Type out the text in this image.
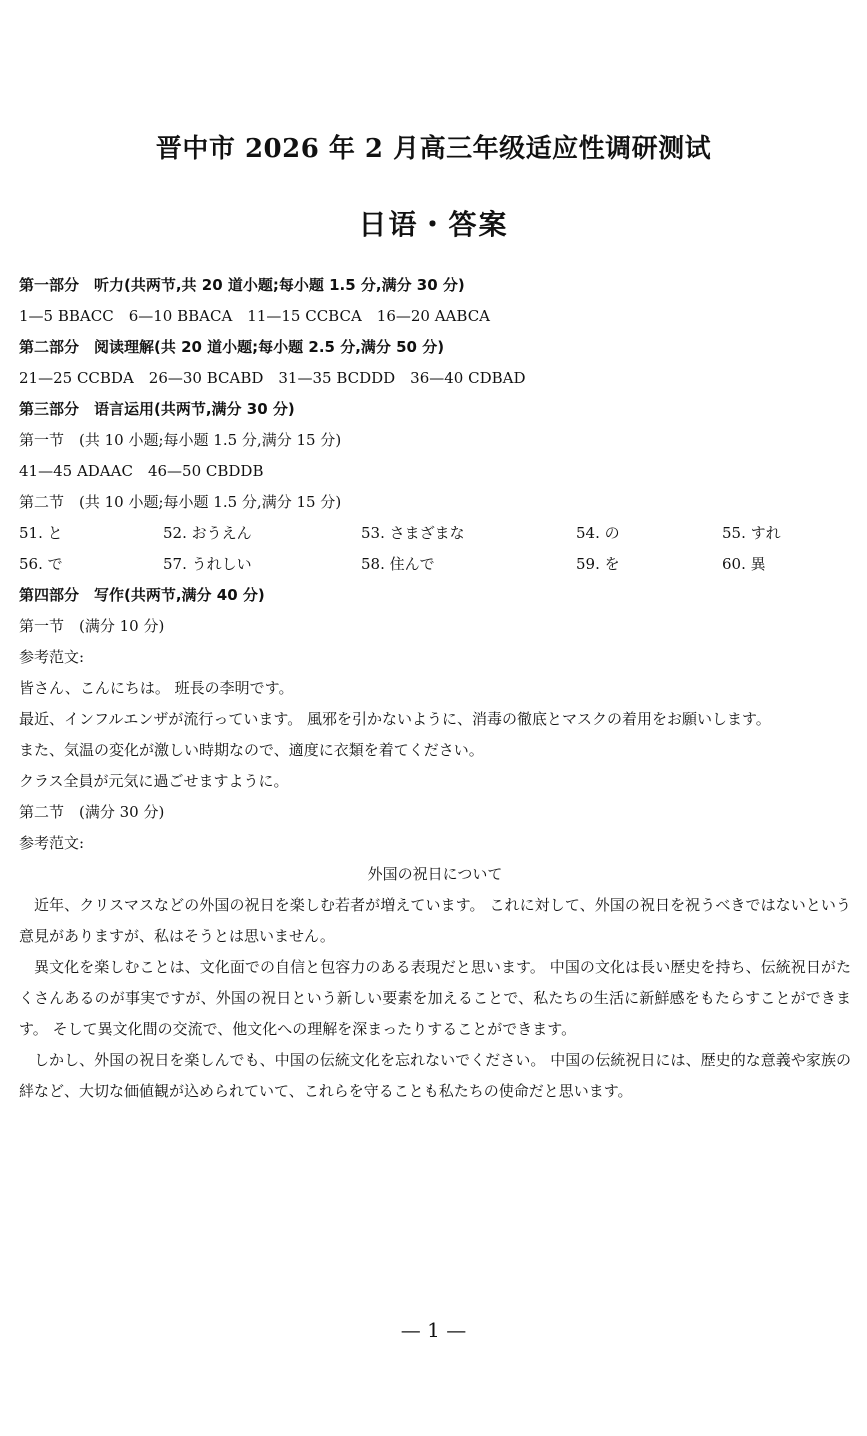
晋中市 2026 年 2 月高三年级适应性调研测试
日语・答案
第一部分　听力(共两节,共 20 道小题;每小题 1.5 分,满分 30 分)
1—5 BBACC　6—10 BBACA　11—15 CCBCA　16—20 AABCA
第二部分　阅读理解(共 20 道小题;每小题 2.5 分,满分 50 分)
21—25 CCBDA　26—30 BCABD　31—35 BCDDD　36—40 CDBAD
第三部分　语言运用(共两节,满分 30 分)
第一节　(共 10 小题;每小题 1.5 分,满分 15 分)
41—45 ADAAC　46—50 CBDDB
第二节　(共 10 小题;每小题 1.5 分,满分 15 分)
51. と	52. おうえん	53. さまざまな	54. の	55. すれ
56. で	57. うれしい	58. 住んで	59. を	60. 異
第四部分　写作(共两节,满分 40 分)
第一节　(满分 10 分)
参考范文:
皆さん、こんにちは。 班長の李明です。
最近、インフルエンザが流行っています。 風邪を引かないように、消毒の徹底とマスクの着用をお願いします。
また、気温の変化が激しい時期なので、適度に衣類を着てください。
クラス全員が元気に過ごせますように。
第二节　(满分 30 分)
参考范文:
外国の祝日について
近年、クリスマスなどの外国の祝日を楽しむ若者が増えています。 これに対して、外国の祝日を祝うべきではないという意見がありますが、私はそうとは思いません。
異文化を楽しむことは、文化面での自信と包容力のある表現だと思います。 中国の文化は長い歴史を持ち、伝統祝日がたくさんあるのが事実ですが、外国の祝日という新しい要素を加えることで、私たちの生活に新鮮感をもたらすことができます。 そして異文化間の交流で、他文化への理解を深まったりすることができます。
しかし、外国の祝日を楽しんでも、中国の伝統文化を忘れないでください。 中国の伝統祝日には、歴史的な意義や家族の絆など、大切な価値観が込められていて、これらを守ることも私たちの使命だと思います。
— 1 —
